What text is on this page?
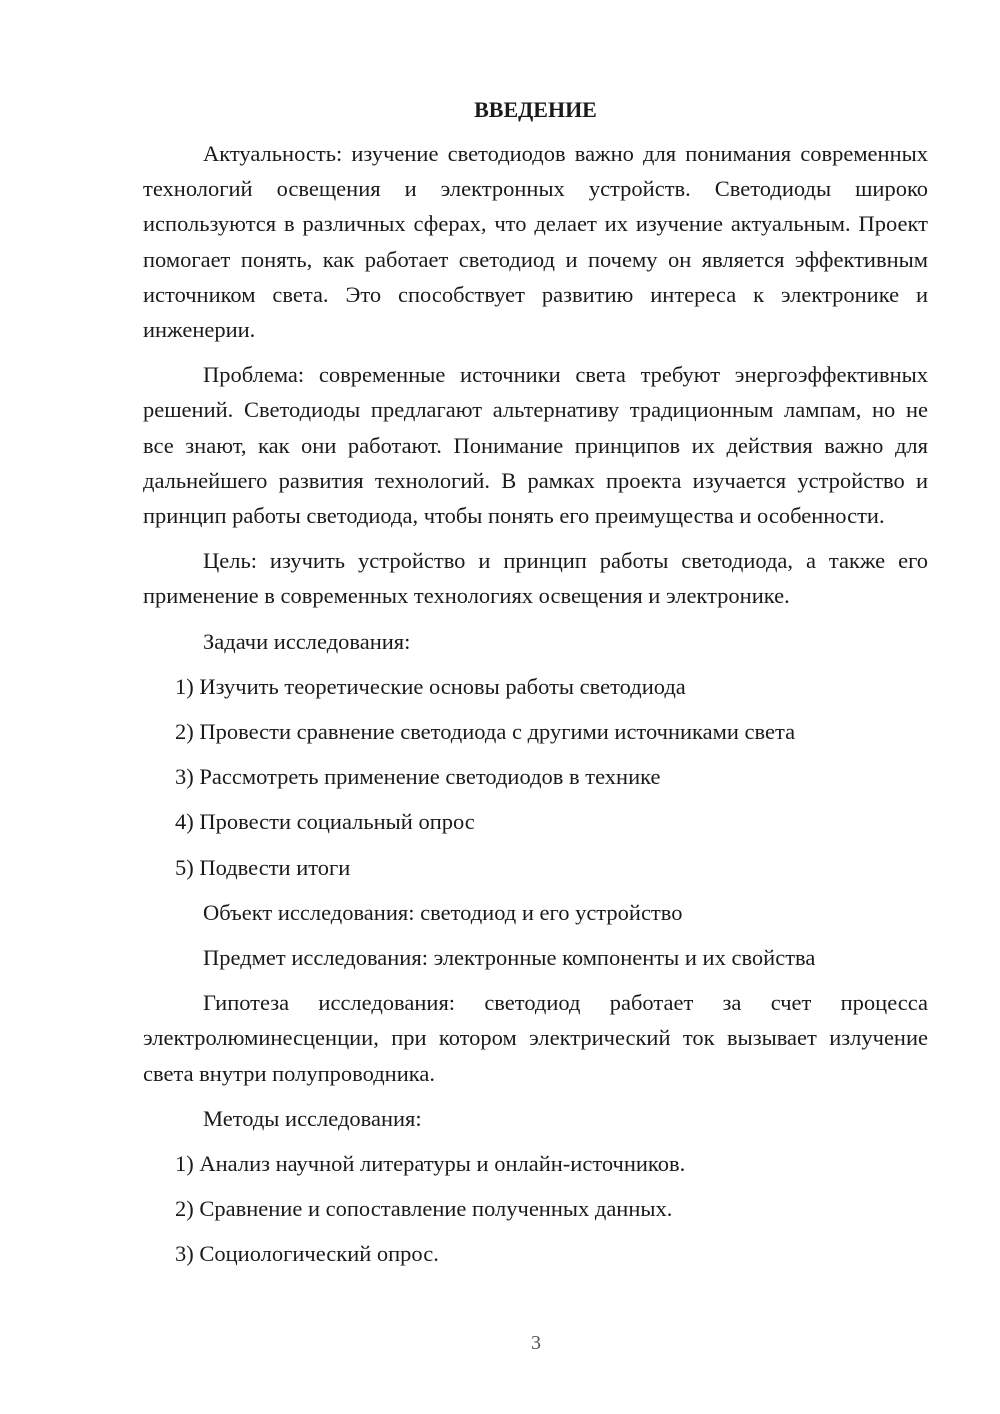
ВВЕДЕНИЕ

Актуальность: изучение светодиодов важно для понимания современных технологий освещения и электронных устройств. Светодиоды широко используются в различных сферах, что делает их изучение актуальным. Проект помогает понять, как работает светодиод и почему он является эффективным источником света. Это способствует развитию интереса к электронике и инженерии.

Проблема: современные источники света требуют энергоэффективных решений. Светодиоды предлагают альтернативу традиционным лампам, но не все знают, как они работают. Понимание принципов их действия важно для дальнейшего развития технологий. В рамках проекта изучается устройство и принцип работы светодиода, чтобы понять его преимущества и особенности.

Цель: изучить устройство и принцип работы светодиода, а также его применение в современных технологиях освещения и электронике.

Задачи исследования:

1) Изучить теоретические основы работы светодиода

2) Провести сравнение светодиода с другими источниками света

3) Рассмотреть применение светодиодов в технике

4) Провести социальный опрос

5) Подвести итоги

Объект исследования: светодиод и его устройство

Предмет исследования: электронные компоненты и их свойства

Гипотеза исследования: светодиод работает за счет процесса электролюминесценции, при котором электрический ток вызывает излучение света внутри полупроводника.

Методы исследования:

1) Анализ научной литературы и онлайн-источников.

2) Сравнение и сопоставление полученных данных.

3) Социологический опрос.

3
